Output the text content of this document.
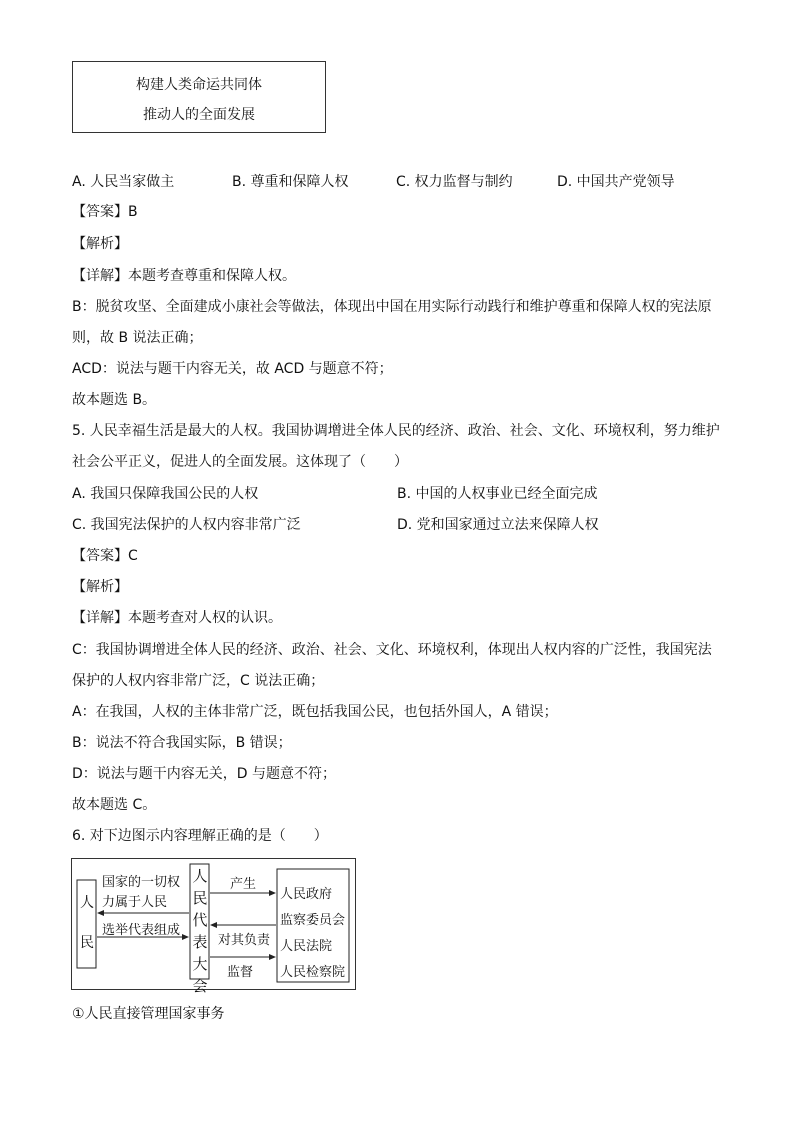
构建人类命运共同体
推动人的全面发展
A. 人民当家做主	B. 尊重和保障人权	C. 权力监督与制约	D. 中国共产党领导
【答案】B
【解析】
【详解】本题考查尊重和保障人权。
B：脱贫攻坚、全面建成小康社会等做法，体现出中国在用实际行动践行和维护尊重和保障人权的宪法原
则，故 B 说法正确；
ACD：说法与题干内容无关，故 ACD 与题意不符；
故本题选 B。
5. 人民幸福生活是最大的人权。我国协调增进全体人民的经济、政治、社会、文化、环境权利，努力维护
社会公平正义，促进人的全面发展。这体现了（　　）
A. 我国只保障我国公民的人权	B. 中国的人权事业已经全面完成
C. 我国宪法保护的人权内容非常广泛	D. 党和国家通过立法来保障人权
【答案】C
【解析】
【详解】本题考查对人权的认识。
C：我国协调增进全体人民的经济、政治、社会、文化、环境权利，体现出人权内容的广泛性，我国宪法
保护的人权内容非常广泛，C 说法正确；
A：在我国，人权的主体非常广泛，既包括我国公民，也包括外国人，A 错误；
B：说法不符合我国实际，B 错误；
D：说法与题干内容无关，D 与题意不符；
故本题选 C。
6. 对下边图示内容理解正确的是（　　）
人民
国家的一切权
力属于人民
选举代表组成
人民代表大会
产生
对其负责
监督
人民政府
监察委员会
人民法院
人民检察院
①人民直接管理国家事务
